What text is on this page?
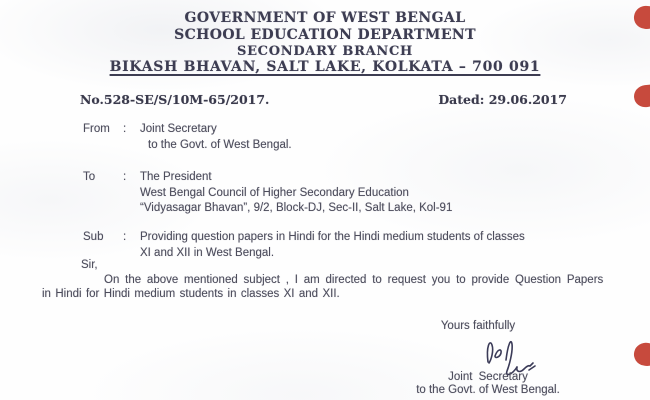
GOVERNMENT OF WEST BENGAL
SCHOOL EDUCATION DEPARTMENT
SECONDARY BRANCH
BIKASH BHAVAN, SALT LAKE, KOLKATA – 700 091
No.528-SE/S/10M-65/2017.	Dated: 29.06.2017
From	:	Joint Secretary
to the Govt. of West Bengal.
To	:	The President
West Bengal Council of Higher Secondary Education
“Vidyasagar Bhavan”, 9/2, Block-DJ, Sec-II, Salt Lake, Kol-91
Sub	:	Providing question papers in Hindi for the Hindi medium students of classes
XI and XII in West Bengal.
Sir,
On the above mentioned subject , I am directed to request you to provide Question Papers
in Hindi for Hindi medium students in classes XI and XII.
Yours faithfully
Joint Secretary
to the Govt. of West Bengal.
